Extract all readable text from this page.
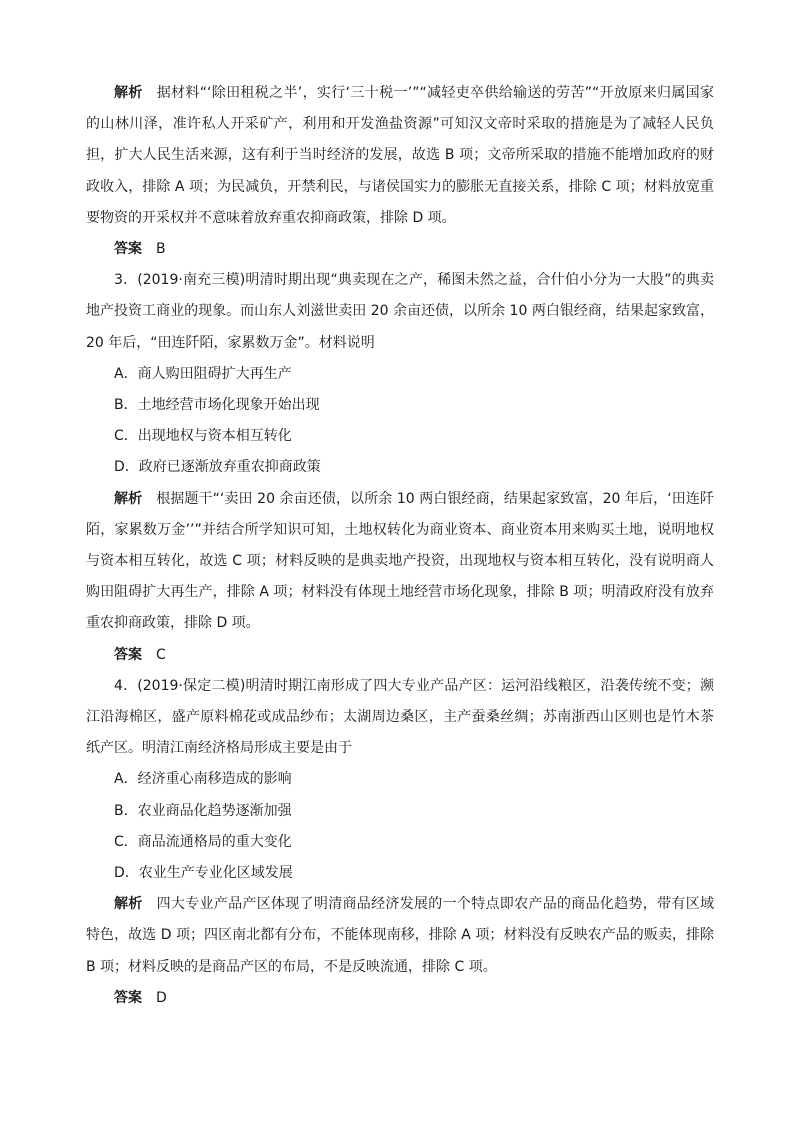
解析 据材料“‘除田租税之半’，实行‘三十税一’”“减轻吏卒供给输送的劳苦”“开放原来归属国家的山林川泽，准许私人开采矿产，利用和开发渔盐资源”可知汉文帝时采取的措施是为了减轻人民负担，扩大人民生活来源，这有利于当时经济的发展，故选 B 项；文帝所采取的措施不能增加政府的财政收入，排除 A 项；为民减负，开禁利民，与诸侯国实力的膨胀无直接关系，排除 C 项；材料放宽重要物资的开采权并不意味着放弃重农抑商政策，排除 D 项。

答案 B

3．(2019·南充三模)明清时期出现“典卖现在之产，稀图未然之益，合什伯小分为一大股”的典卖地产投资工商业的现象。而山东人刘滋世卖田 20 余亩还债，以所余 10 两白银经商，结果起家致富，20 年后，“田连阡陌，家累数万金”。材料说明

A．商人购田阻碍扩大再生产

B．土地经营市场化现象开始出现

C．出现地权与资本相互转化

D．政府已逐渐放弃重农抑商政策

解析 根据题干“‘卖田 20 余亩还债，以所余 10 两白银经商，结果起家致富，20 年后，‘田连阡陌，家累数万金’’”并结合所学知识可知，土地权转化为商业资本、商业资本用来购买土地，说明地权与资本相互转化，故选 C 项；材料反映的是典卖地产投资，出现地权与资本相互转化，没有说明商人购田阻碍扩大再生产，排除 A 项；材料没有体现土地经营市场化现象，排除 B 项；明清政府没有放弃重农抑商政策，排除 D 项。

答案 C

4．(2019·保定二模)明清时期江南形成了四大专业产品产区：运河沿线粮区，沿袭传统不变；濒江沿海棉区，盛产原料棉花或成品纱布；太湖周边桑区，主产蚕桑丝绸；苏南浙西山区则也是竹木茶纸产区。明清江南经济格局形成主要是由于

A．经济重心南移造成的影响

B．农业商品化趋势逐渐加强

C．商品流通格局的重大变化

D．农业生产专业化区域发展

解析 四大专业产品产区体现了明清商品经济发展的一个特点即农产品的商品化趋势，带有区域特色，故选 D 项；四区南北都有分布，不能体现南移，排除 A 项；材料没有反映农产品的贩卖，排除 B 项；材料反映的是商品产区的布局，不是反映流通，排除 C 项。

答案 D
